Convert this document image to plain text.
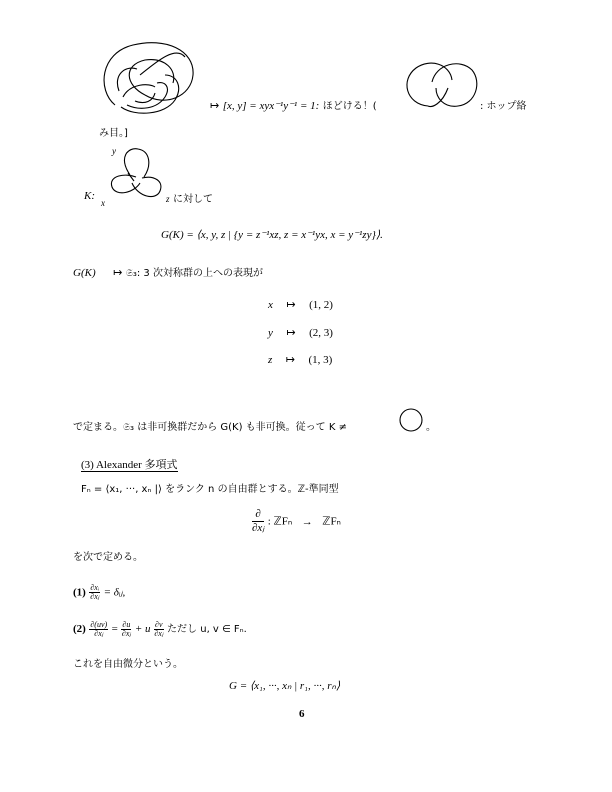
↦ [x, y] = xyx⁻¹y⁻¹ = 1: ほどける！(	: ホップ絡
み目。]
y
K:
x	z に対して
G(K) = ⟨x, y, z | {y = z⁻¹xz, z = x⁻¹yx, x = y⁻¹zy}⟩.
G(K) ↦ 𝔖₃: 3 次対称群の上への表現が
x ↦ (1, 2)
y ↦ (2, 3)
z ↦ (1, 3)
で定まる。𝔖₃ は非可換群だから G(K) も非可換。従って K ≠	。
(3) Alexander 多項式
Fₙ = ⟨x₁, ···, xₙ |⟩ をランク n の自由群とする。ℤ-準同型
∂
∂xⱼ
: ℤFₙ → ℤFₙ
を次で定める。
$(1) \frac{\text{∂xᵢ}}{\text{∂xⱼ}}$ = δᵢⱼ,
$(2) \frac{\partial(uv)}{\text{∂xⱼ}} = \frac{\partial u}{\text{∂xⱼ}} + u \frac{\partial v}{\text{∂xⱼ}}$ ただし u, v ∈ Fₙ.
これを自由微分という。
G = ⟨x₁, ···, xₙ | r₁, ···, rₙ⟩
6
